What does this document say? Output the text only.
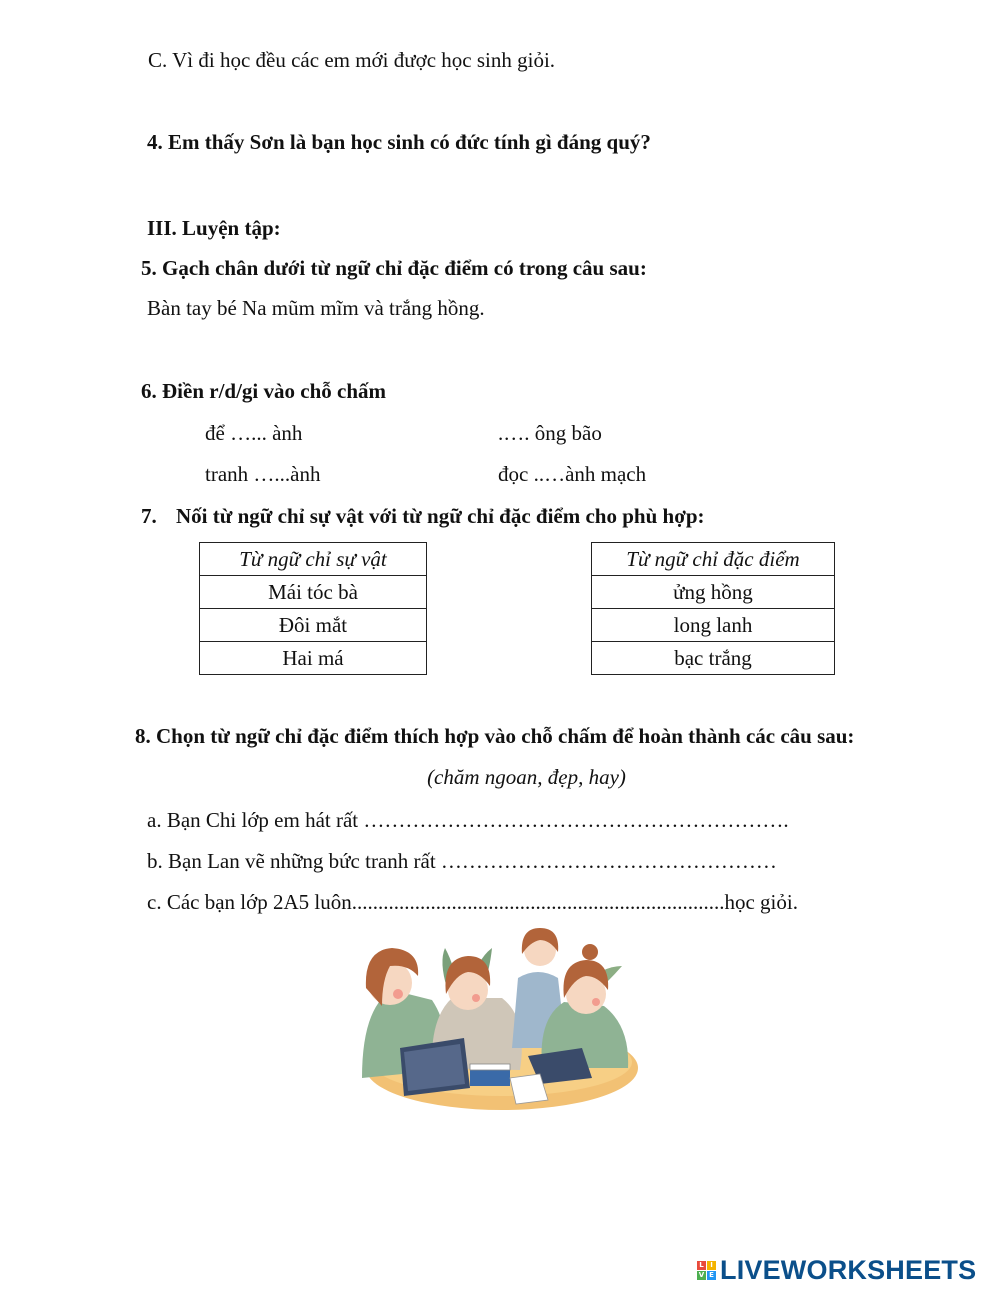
C. Vì đi học đều các em mới được học sinh giỏi.
4. Em thấy Sơn là bạn học sinh có đức tính gì đáng quý?
III. Luyện tập:
5. Gạch chân dưới từ ngữ chỉ đặc điểm có trong câu sau:
Bàn tay bé Na mũm mĩm và trắng hồng.
6. Điền r/d/gi vào chỗ chấm
để …... ành	.…. ông bão
tranh …...ành	đọc ..…ành mạch
7. Nối từ ngữ chỉ sự vật với từ ngữ chỉ đặc điểm cho phù hợp:
Từ ngữ chỉ sự vật
Mái tóc bà
Đôi mắt
Hai má
Từ ngữ chỉ đặc điểm
ửng hồng
long lanh
bạc trắng
8. Chọn từ ngữ chỉ đặc điểm thích hợp vào chỗ chấm để hoàn thành các câu sau:
(chăm ngoan, đẹp, hay)
a. Bạn Chi lớp em hát rất …………………………………………………….
b. Bạn Lan vẽ những bức tranh rất …………………………………………
c. Các bạn lớp 2A5 luôn.......................................................................học giỏi.
L I
V E LIVEWORKSHEETS
